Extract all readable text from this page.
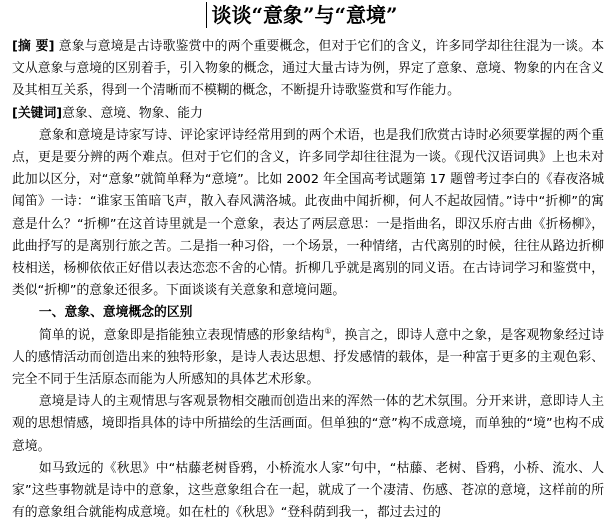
谈谈“意象”与“意境”

[摘 要] 意象与意境是古诗歌鉴赏中的两个重要概念，但对于它们的含义，许多同学却往往混为一谈。本文从意象与意境的区别着手，引入物象的概念，通过大量古诗为例，界定了意象、意境、物象的内在含义及其相互关系，得到一个清晰而不模糊的概念，不断提升诗歌鉴赏和写作能力。

[关键词]意象、意境、物象、能力

意象和意境是诗家写诗、评论家评诗经常用到的两个术语，也是我们欣赏古诗时必须要掌握的两个重点，更是要分辨的两个难点。但对于它们的含义，许多同学却往往混为一谈。《现代汉语词典》上也未对此加以区分，对“意象”就简单释为“意境”。比如 2002 年全国高考试题第 17 题曾考过李白的《春夜洛城闻笛》一诗：“谁家玉笛暗飞声，散入春风满洛城。此夜曲中闻折柳，何人不起故园情。”诗中“折柳”的寓意是什么？“折柳”在这首诗里就是一个意象，表达了两层意思：一是指曲名，即汉乐府古曲《折杨柳》，此曲抒写的是离别行旅之苦。二是指一种习俗，一个场景，一种情绪，古代离别的时候，往往从路边折柳枝相送，杨柳依依正好借以表达恋恋不舍的心情。折柳几乎就是离别的同义语。在古诗词学习和鉴赏中，类似“折柳”的意象还很多。下面谈谈有关意象和意境问题。

一、意象、意境概念的区别

简单的说，意象即是指能独立表现情感的形象结构①，换言之，即诗人意中之象，是客观物象经过诗人的感情活动而创造出来的独特形象，是诗人表达思想、抒发感情的载体，是一种富于更多的主观色彩、完全不同于生活原态而能为人所感知的具体艺术形象。

意境是诗人的主观情思与客观景物相交融而创造出来的浑然一体的艺术氛围。分开来讲，意即诗人主观的思想情感，境即指具体的诗中所描绘的生活画面。但单独的“意”构不成意境，而单独的“境”也构不成意境。

如马致远的《秋思》中“枯藤老树昏鸦，小桥流水人家”句中，“枯藤、老树、昏鸦，小桥、流水、人家”这些事物就是诗中的意象，这些意象组合在一起，就成了一个凄清、伤感、苍凉的意境，这样前的所有的意象组合就能构成意境。如在杜的《秋思》“登科荫到我一，都过去过的
